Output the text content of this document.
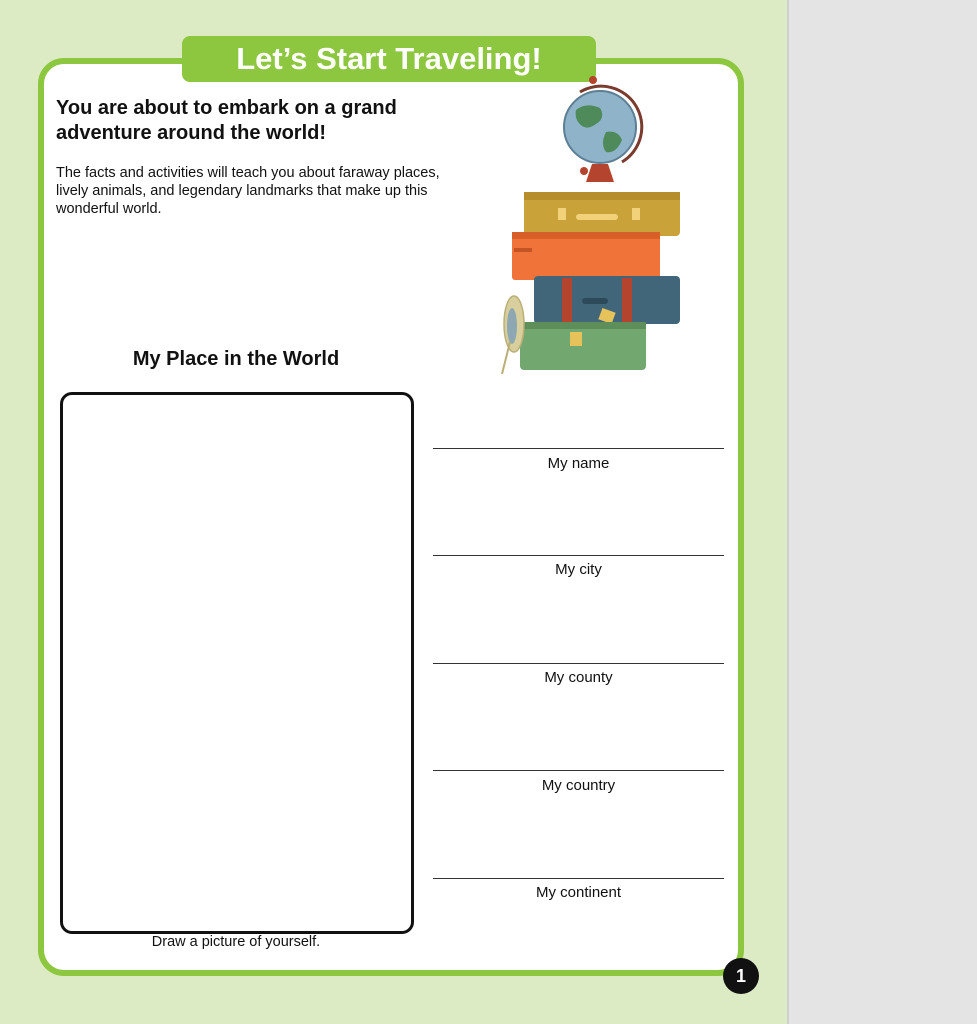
Let’s Start Traveling!
You are about to embark on a grand adventure around the world!

The facts and activities will teach you about faraway places, lively animals, and legendary landmarks that make up this wonderful world.

My Place in the World
Draw a picture of yourself.
My name
My city
My county
My country
My continent
1
